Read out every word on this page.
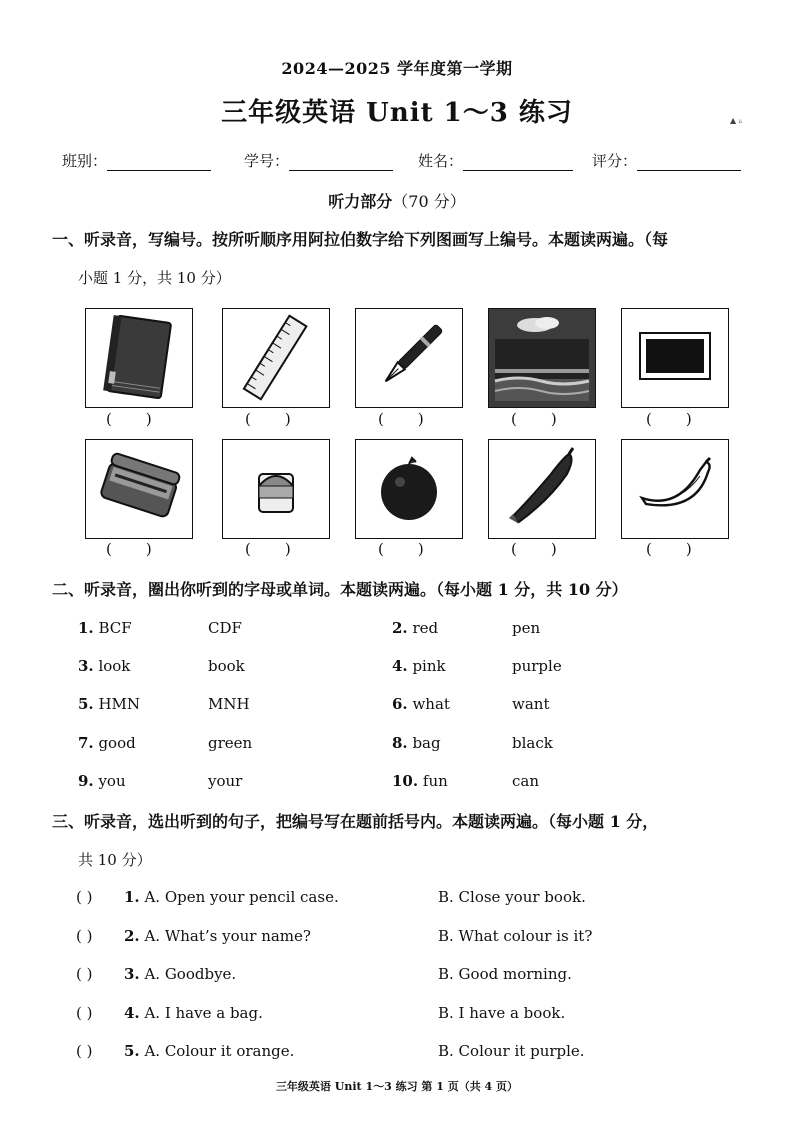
2024—2025 学年度第一学期
三年级英语 Unit 1～3 练习	▲ ᵢᵢ
班别：	学号：	姓名：	评分：
听力部分（70 分）
一、听录音，写编号。按所听顺序用阿拉伯数字给下列图画写上编号。本题读两遍。（每
小题 1 分，共 10 分）
( )	( )	( )	( )	( )
( )	( )	( )	( )	( )
二、听录音，圈出你听到的字母或单词。本题读两遍。（每小题 1 分，共 10 分）
1. BCF	CDF	2. red	pen
3. look	book	4. pink	purple
5. HMN	MNH	6. what	want
7. good	green	8. bag	black
9. you	your	10. fun	can
三、听录音，选出听到的句子，把编号写在题前括号内。本题读两遍。（每小题 1 分，
共 10 分）
( ) 1. A. Open your pencil case.	B. Close your book.
( ) 2. A. What’s your name?	B. What colour is it?
( ) 3. A. Goodbye.	B. Good morning.
( ) 4. A. I have a bag.	B. I have a book.
( ) 5. A. Colour it orange.	B. Colour it purple.
三年级英语 Unit 1～3 练习 第 1 页（共 4 页）
